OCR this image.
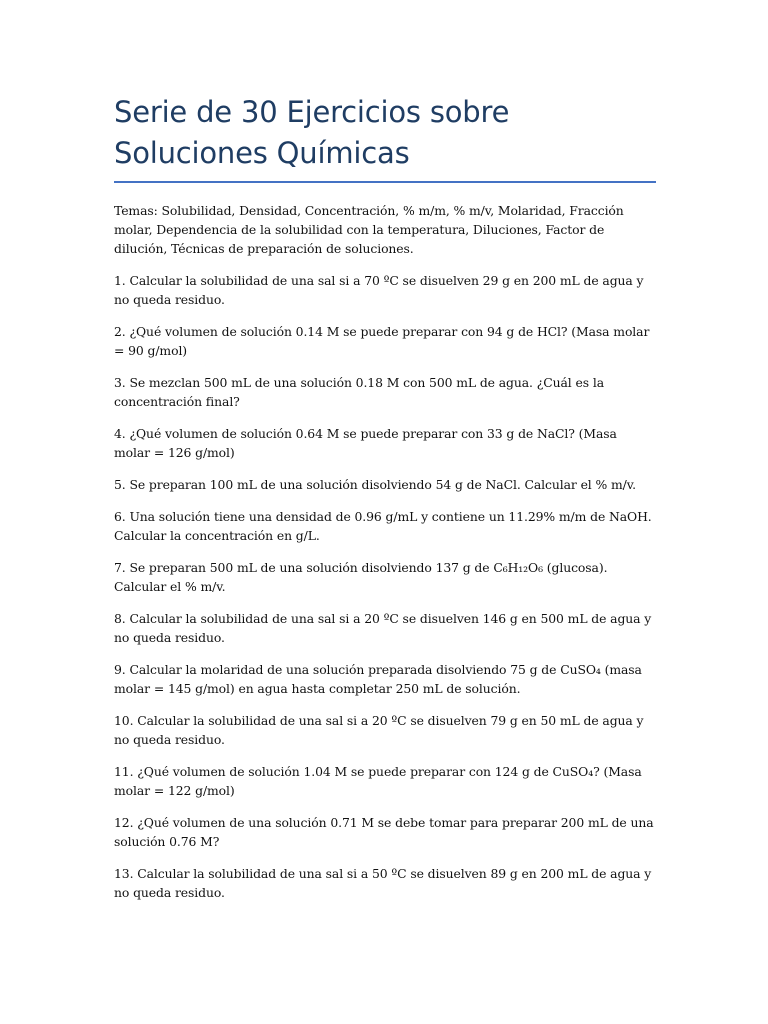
Serie de 30 Ejercicios sobre Soluciones Químicas

Temas: Solubilidad, Densidad, Concentración, % m/m, % m/v, Molaridad, Fracción molar, Dependencia de la solubilidad con la temperatura, Diluciones, Factor de dilución, Técnicas de preparación de soluciones.

1. Calcular la solubilidad de una sal si a 70 ºC se disuelven 29 g en 200 mL de agua y no queda residuo.

2. ¿Qué volumen de solución 0.14 M se puede preparar con 94 g de HCl? (Masa molar = 90 g/mol)

3. Se mezclan 500 mL de una solución 0.18 M con 500 mL de agua. ¿Cuál es la concentración final?

4. ¿Qué volumen de solución 0.64 M se puede preparar con 33 g de NaCl? (Masa molar = 126 g/mol)

5. Se preparan 100 mL de una solución disolviendo 54 g de NaCl. Calcular el % m/v.

6. Una solución tiene una densidad de 0.96 g/mL y contiene un 11.29% m/m de NaOH. Calcular la concentración en g/L.

7. Se preparan 500 mL de una solución disolviendo 137 g de C₆H₁₂O₆ (glucosa). Calcular el % m/v.

8. Calcular la solubilidad de una sal si a 20 ºC se disuelven 146 g en 500 mL de agua y no queda residuo.

9. Calcular la molaridad de una solución preparada disolviendo 75 g de CuSO₄ (masa molar = 145 g/mol) en agua hasta completar 250 mL de solución.

10. Calcular la solubilidad de una sal si a 20 ºC se disuelven 79 g en 50 mL de agua y no queda residuo.

11. ¿Qué volumen de solución 1.04 M se puede preparar con 124 g de CuSO₄? (Masa molar = 122 g/mol)

12. ¿Qué volumen de una solución 0.71 M se debe tomar para preparar 200 mL de una solución 0.76 M?

13. Calcular la solubilidad de una sal si a 50 ºC se disuelven 89 g en 200 mL de agua y no queda residuo.
